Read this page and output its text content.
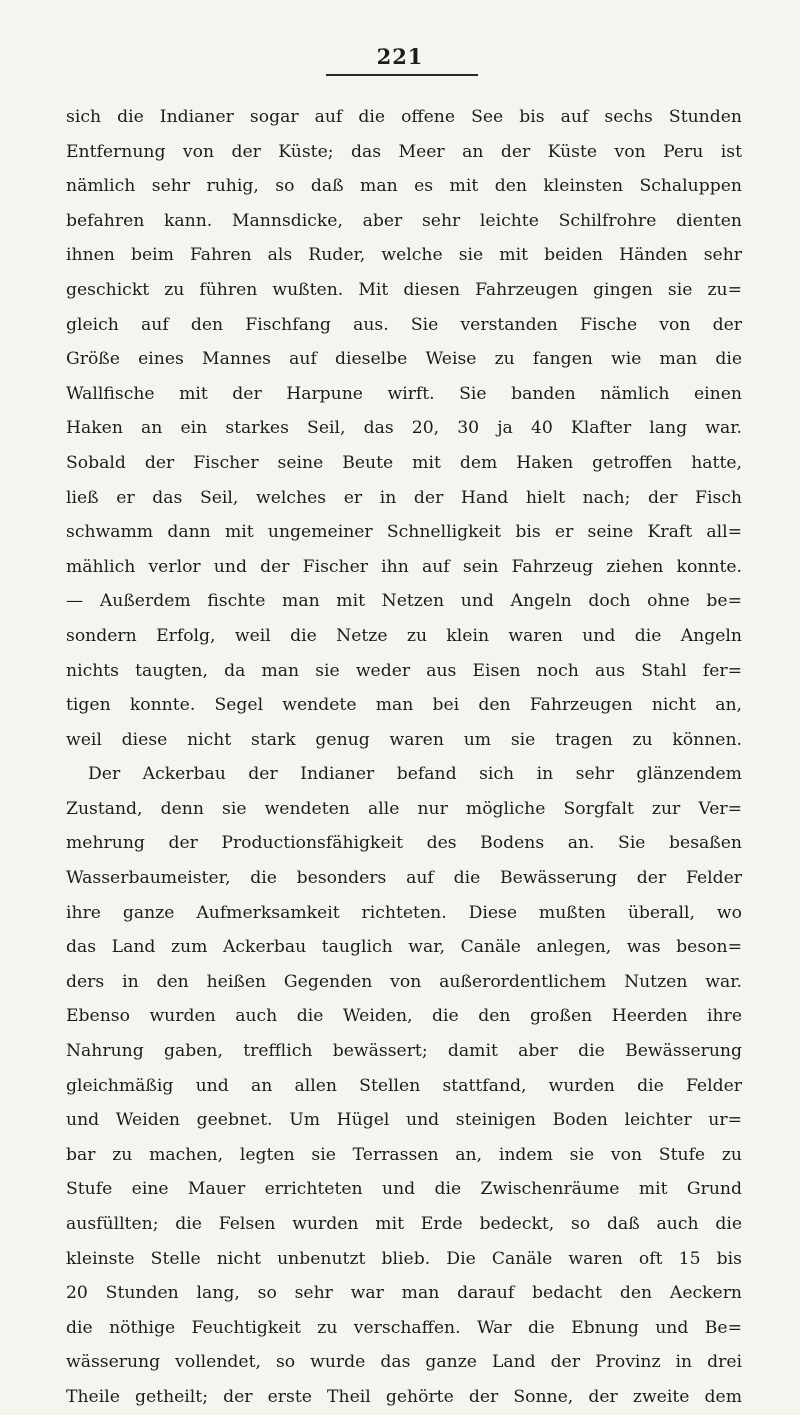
221
sich die Indianer sogar auf die offene See bis auf sechs Stunden
Entfernung von der Küste; das Meer an der Küste von Peru ist
nämlich sehr ruhig, so daß man es mit den kleinsten Schaluppen
befahren kann. Mannsdicke, aber sehr leichte Schilfrohre dienten
ihnen beim Fahren als Ruder, welche sie mit beiden Händen sehr
geschickt zu führen wußten. Mit diesen Fahrzeugen gingen sie zu=
gleich auf den Fischfang aus. Sie verstanden Fische von der
Größe eines Mannes auf dieselbe Weise zu fangen wie man die
Wallfische mit der Harpune wirft. Sie banden nämlich einen
Haken an ein starkes Seil, das 20, 30 ja 40 Klafter lang war.
Sobald der Fischer seine Beute mit dem Haken getroffen hatte,
ließ er das Seil, welches er in der Hand hielt nach; der Fisch
schwamm dann mit ungemeiner Schnelligkeit bis er seine Kraft all=
mählich verlor und der Fischer ihn auf sein Fahrzeug ziehen konnte.
— Außerdem fischte man mit Netzen und Angeln doch ohne be=
sondern Erfolg, weil die Netze zu klein waren und die Angeln
nichts taugten, da man sie weder aus Eisen noch aus Stahl fer=
tigen konnte. Segel wendete man bei den Fahrzeugen nicht an,
weil diese nicht stark genug waren um sie tragen zu können.
Der Ackerbau der Indianer befand sich in sehr glänzendem
Zustand, denn sie wendeten alle nur mögliche Sorgfalt zur Ver=
mehrung der Productionsfähigkeit des Bodens an. Sie besaßen
Wasserbaumeister, die besonders auf die Bewässerung der Felder
ihre ganze Aufmerksamkeit richteten. Diese mußten überall, wo
das Land zum Ackerbau tauglich war, Canäle anlegen, was beson=
ders in den heißen Gegenden von außerordentlichem Nutzen war.
Ebenso wurden auch die Weiden, die den großen Heerden ihre
Nahrung gaben, trefflich bewässert; damit aber die Bewässerung
gleichmäßig und an allen Stellen stattfand, wurden die Felder
und Weiden geebnet. Um Hügel und steinigen Boden leichter ur=
bar zu machen, legten sie Terrassen an, indem sie von Stufe zu
Stufe eine Mauer errichteten und die Zwischenräume mit Grund
ausfüllten; die Felsen wurden mit Erde bedeckt, so daß auch die
kleinste Stelle nicht unbenutzt blieb. Die Canäle waren oft 15 bis
20 Stunden lang, so sehr war man darauf bedacht den Aeckern
die nöthige Feuchtigkeit zu verschaffen. War die Ebnung und Be=
wässerung vollendet, so wurde das ganze Land der Provinz in drei
Theile getheilt; der erste Theil gehörte der Sonne, der zweite dem
